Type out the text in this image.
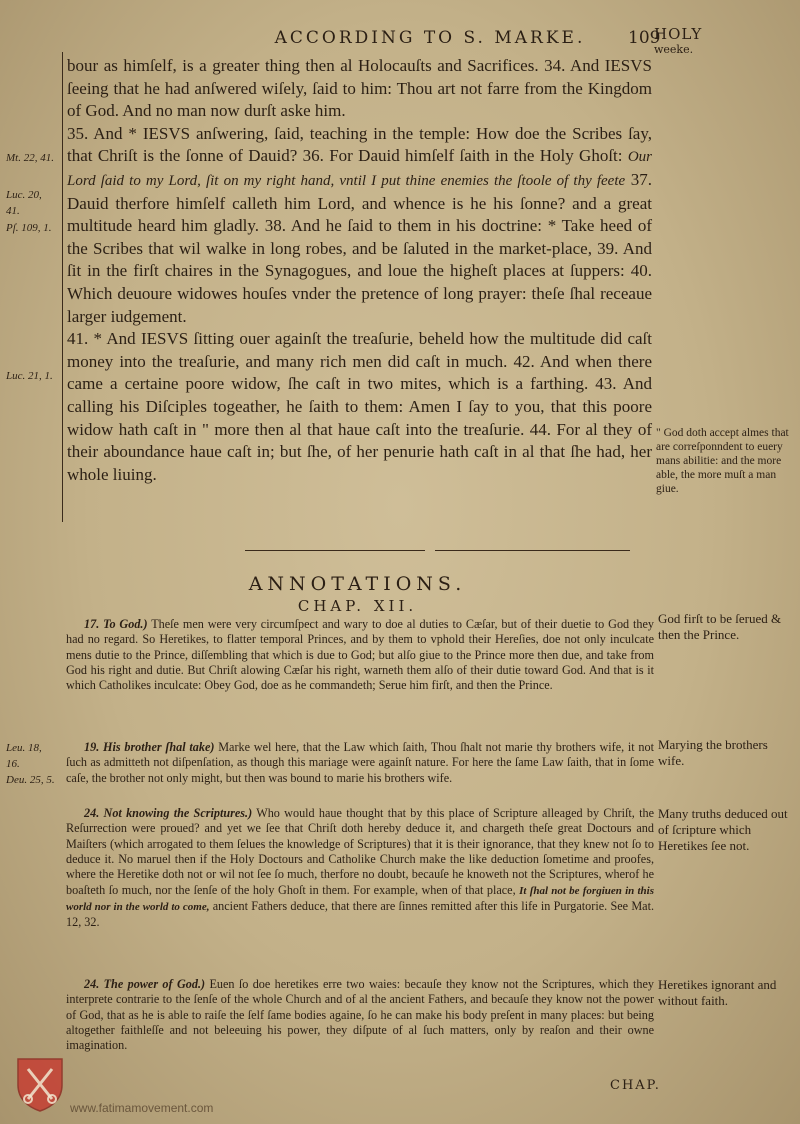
ACCORDING TO S. MARKE.	109
HOLY
weeke.

bour as himſelf, is a greater thing then al Holocauſts and Sacrifices. 34. And IESVS ſeeing that he had anſwered wiſely, ſaid to him: Thou art not farre from the Kingdom of God. And no man now durſt aske him.

35. And * IESVS anſwering, ſaid, teaching in the temple: How doe the Scribes ſay, that Chriſt is the ſonne of Dauid? 36. For Dauid himſelf ſaith in the Holy Ghoſt: Our Lord ſaid to my Lord, ſit on my right hand, vntil I put thine enemies the ſtoole of thy feete 37. Dauid therfore himſelf calleth him Lord, and whence is he his ſonne? and a great multitude heard him gladly. 38. And he ſaid to them in his doctrine: * Take heed of the Scribes that wil walke in long robes, and be ſaluted in the market-place, 39. And ſit in the firſt chaires in the Synagogues, and loue the higheſt places at ſuppers: 40. Which deuoure widowes houſes vnder the pretence of long prayer: theſe ſhal receaue larger iudgement.

41. * And IESVS ſitting ouer againſt the treaſurie, beheld how the multitude did caſt money into the treaſurie, and many rich men did caſt in much. 42. And when there came a certaine poore widow, ſhe caſt in two mites, which is a farthing. 43. And calling his Diſciples togeather, he ſaith to them: Amen I ſay to you, that this poore widow hath caſt in " more then al that haue caſt into the treaſurie. 44. For al they of their aboundance haue caſt in; but ſhe, of her penurie hath caſt in al that ſhe had, her whole liuing.

Mt. 22, 41.
Luc. 20, 41.
Pſ. 109, 1.
Luc. 21, 1.
" God doth accept almes that are correſponndent to euery mans abilitie: and the more able, the more muſt a man giue.
ANNOTATIONS.
CHAP. XII.

17. To God.) Theſe men were very circumſpect and wary to doe al duties to Cæſar, but of their duetie to God they had no regard. So Heretikes, to flatter temporal Princes, and by them to vphold their Hereſies, doe not only inculcate mens dutie to the Prince, diſſembling that which is due to God; but alſo giue to the Prince more then due, and take from God his right and dutie. But Chriſt alowing Cæſar his right, warneth them alſo of their dutie toward God. And that is it which Catholikes inculcate: Obey God, doe as he commandeth; Serue him firſt, and then the Prince.

19. His brother ſhal take) Marke wel here, that the Law which ſaith, Thou ſhalt not marie thy brothers wife, it not ſuch as admitteth not diſpenſation, as though this mariage were againſt nature. For here the ſame Law ſaith, that in ſome caſe, the brother not only might, but then was bound to marie his brothers wife.

24. Not knowing the Scriptures.) Who would haue thought that by this place of Scripture alleaged by Chriſt, the Reſurrection were proued? and yet we ſee that Chriſt doth hereby deduce it, and chargeth theſe great Doctours and Maiſters (which arrogated to them ſelues the knowledge of Scriptures) that it is their ignorance, that they knew not ſo to deduce it. No maruel then if the Holy Doctours and Catholike Church make the like deduction ſometime and proofes, where the Heretike doth not or wil not ſee ſo much, therfore no doubt, becauſe he knoweth not the Scriptures, wherof he boaſteth ſo much, nor the ſenſe of the holy Ghoſt in them. For example, when of that place, It ſhal not be forgiuen in this world nor in the world to come, ancient Fathers deduce, that there are ſinnes remitted after this life in Purgatorie. See Mat. 12, 32.

24. The power of God.) Euen ſo doe heretikes erre two waies: becauſe they know not the Scriptures, which they interprete contrarie to the ſenſe of the whole Church and of al the ancient Fathers, and becauſe they know not the power of God, that as he is able to raiſe the ſelf ſame bodies againe, ſo he can make his body preſent in many places: but being altogether faithleſſe and not beleeuing his power, they diſpute of al ſuch matters, only by reaſon and their owne imagination.

Leu. 18, 16.
Deu. 25, 5.
God firſt to be ſerued & then the Prince.
Marying the brothers wife.
Many truths deduced out of ſcripture which Heretikes ſee not.
Heretikes ignorant and without faith.
CHAP.
www.fatimamovement.com
